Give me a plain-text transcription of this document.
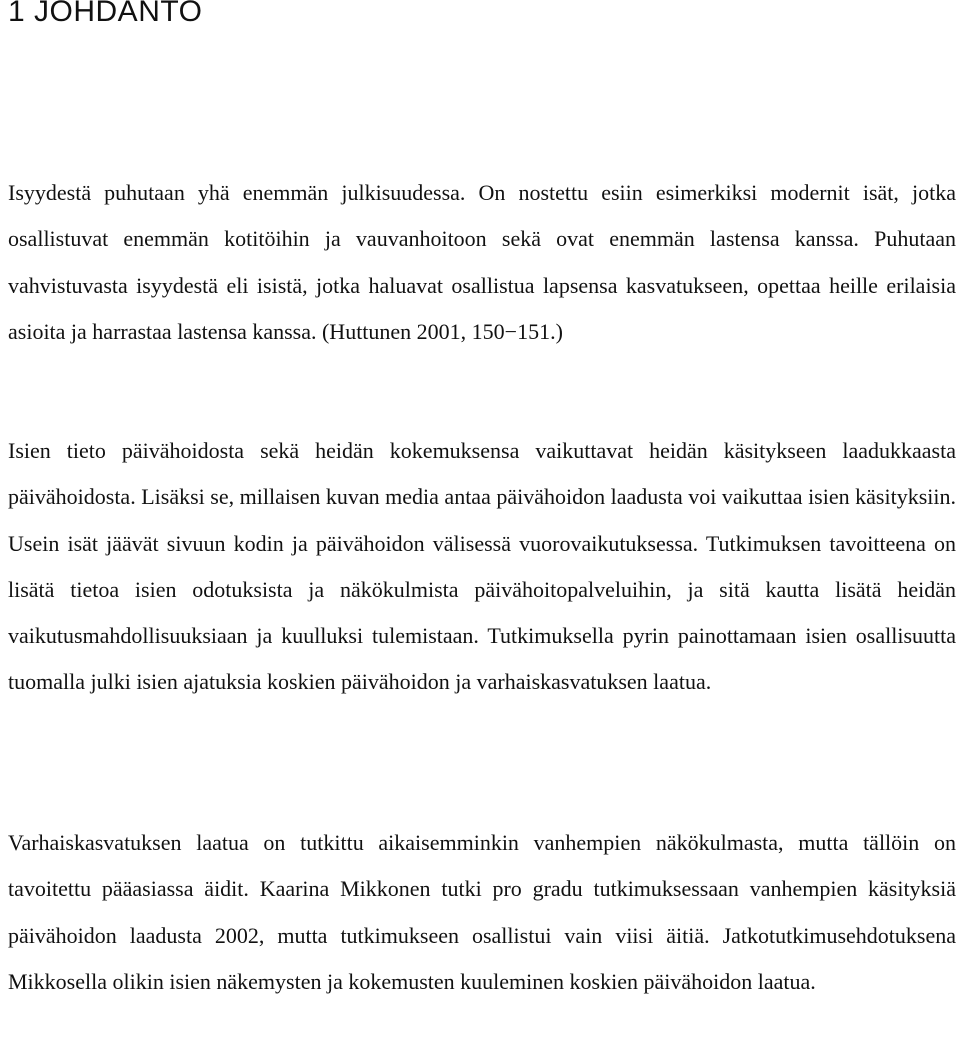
1 JOHDANTO

Isyydestä puhutaan yhä enemmän julkisuudessa. On nostettu esiin esimerkiksi modernit isät, jotka osallistuvat enemmän kotitöihin ja vauvanhoitoon sekä ovat enemmän lastensa kanssa. Puhutaan vahvistuvasta isyydestä eli isistä, jotka haluavat osallistua lapsensa kasvatukseen, opettaa heille erilaisia asioita ja harrastaa lastensa kanssa. (Huttunen 2001, 150−151.)

Isien tieto päivähoidosta sekä heidän kokemuksensa vaikuttavat heidän käsitykseen laadukkaasta päivähoidosta. Lisäksi se, millaisen kuvan media antaa päivähoidon laadusta voi vaikuttaa isien käsityksiin. Usein isät jäävät sivuun kodin ja päivähoidon välisessä vuorovaikutuksessa. Tutkimuksen tavoitteena on lisätä tietoa isien odotuksista ja näkökulmista päivähoitopalveluihin, ja sitä kautta lisätä heidän vaikutusmahdollisuuksiaan ja kuulluksi tulemistaan. Tutkimuksella pyrin painottamaan isien osallisuutta tuomalla julki isien ajatuksia koskien päivähoidon ja varhaiskasvatuksen laatua.

Varhaiskasvatuksen laatua on tutkittu aikaisemminkin vanhempien näkökulmasta, mutta tällöin on tavoitettu pääasiassa äidit. Kaarina Mikkonen tutki pro gradu tutkimuksessaan vanhempien käsityksiä päivähoidon laadusta 2002, mutta tutkimukseen osallistui vain viisi äitiä. Jatkotutkimusehdotuksena Mikkosella olikin isien näkemysten ja kokemusten kuuleminen koskien päivähoidon laatua.
